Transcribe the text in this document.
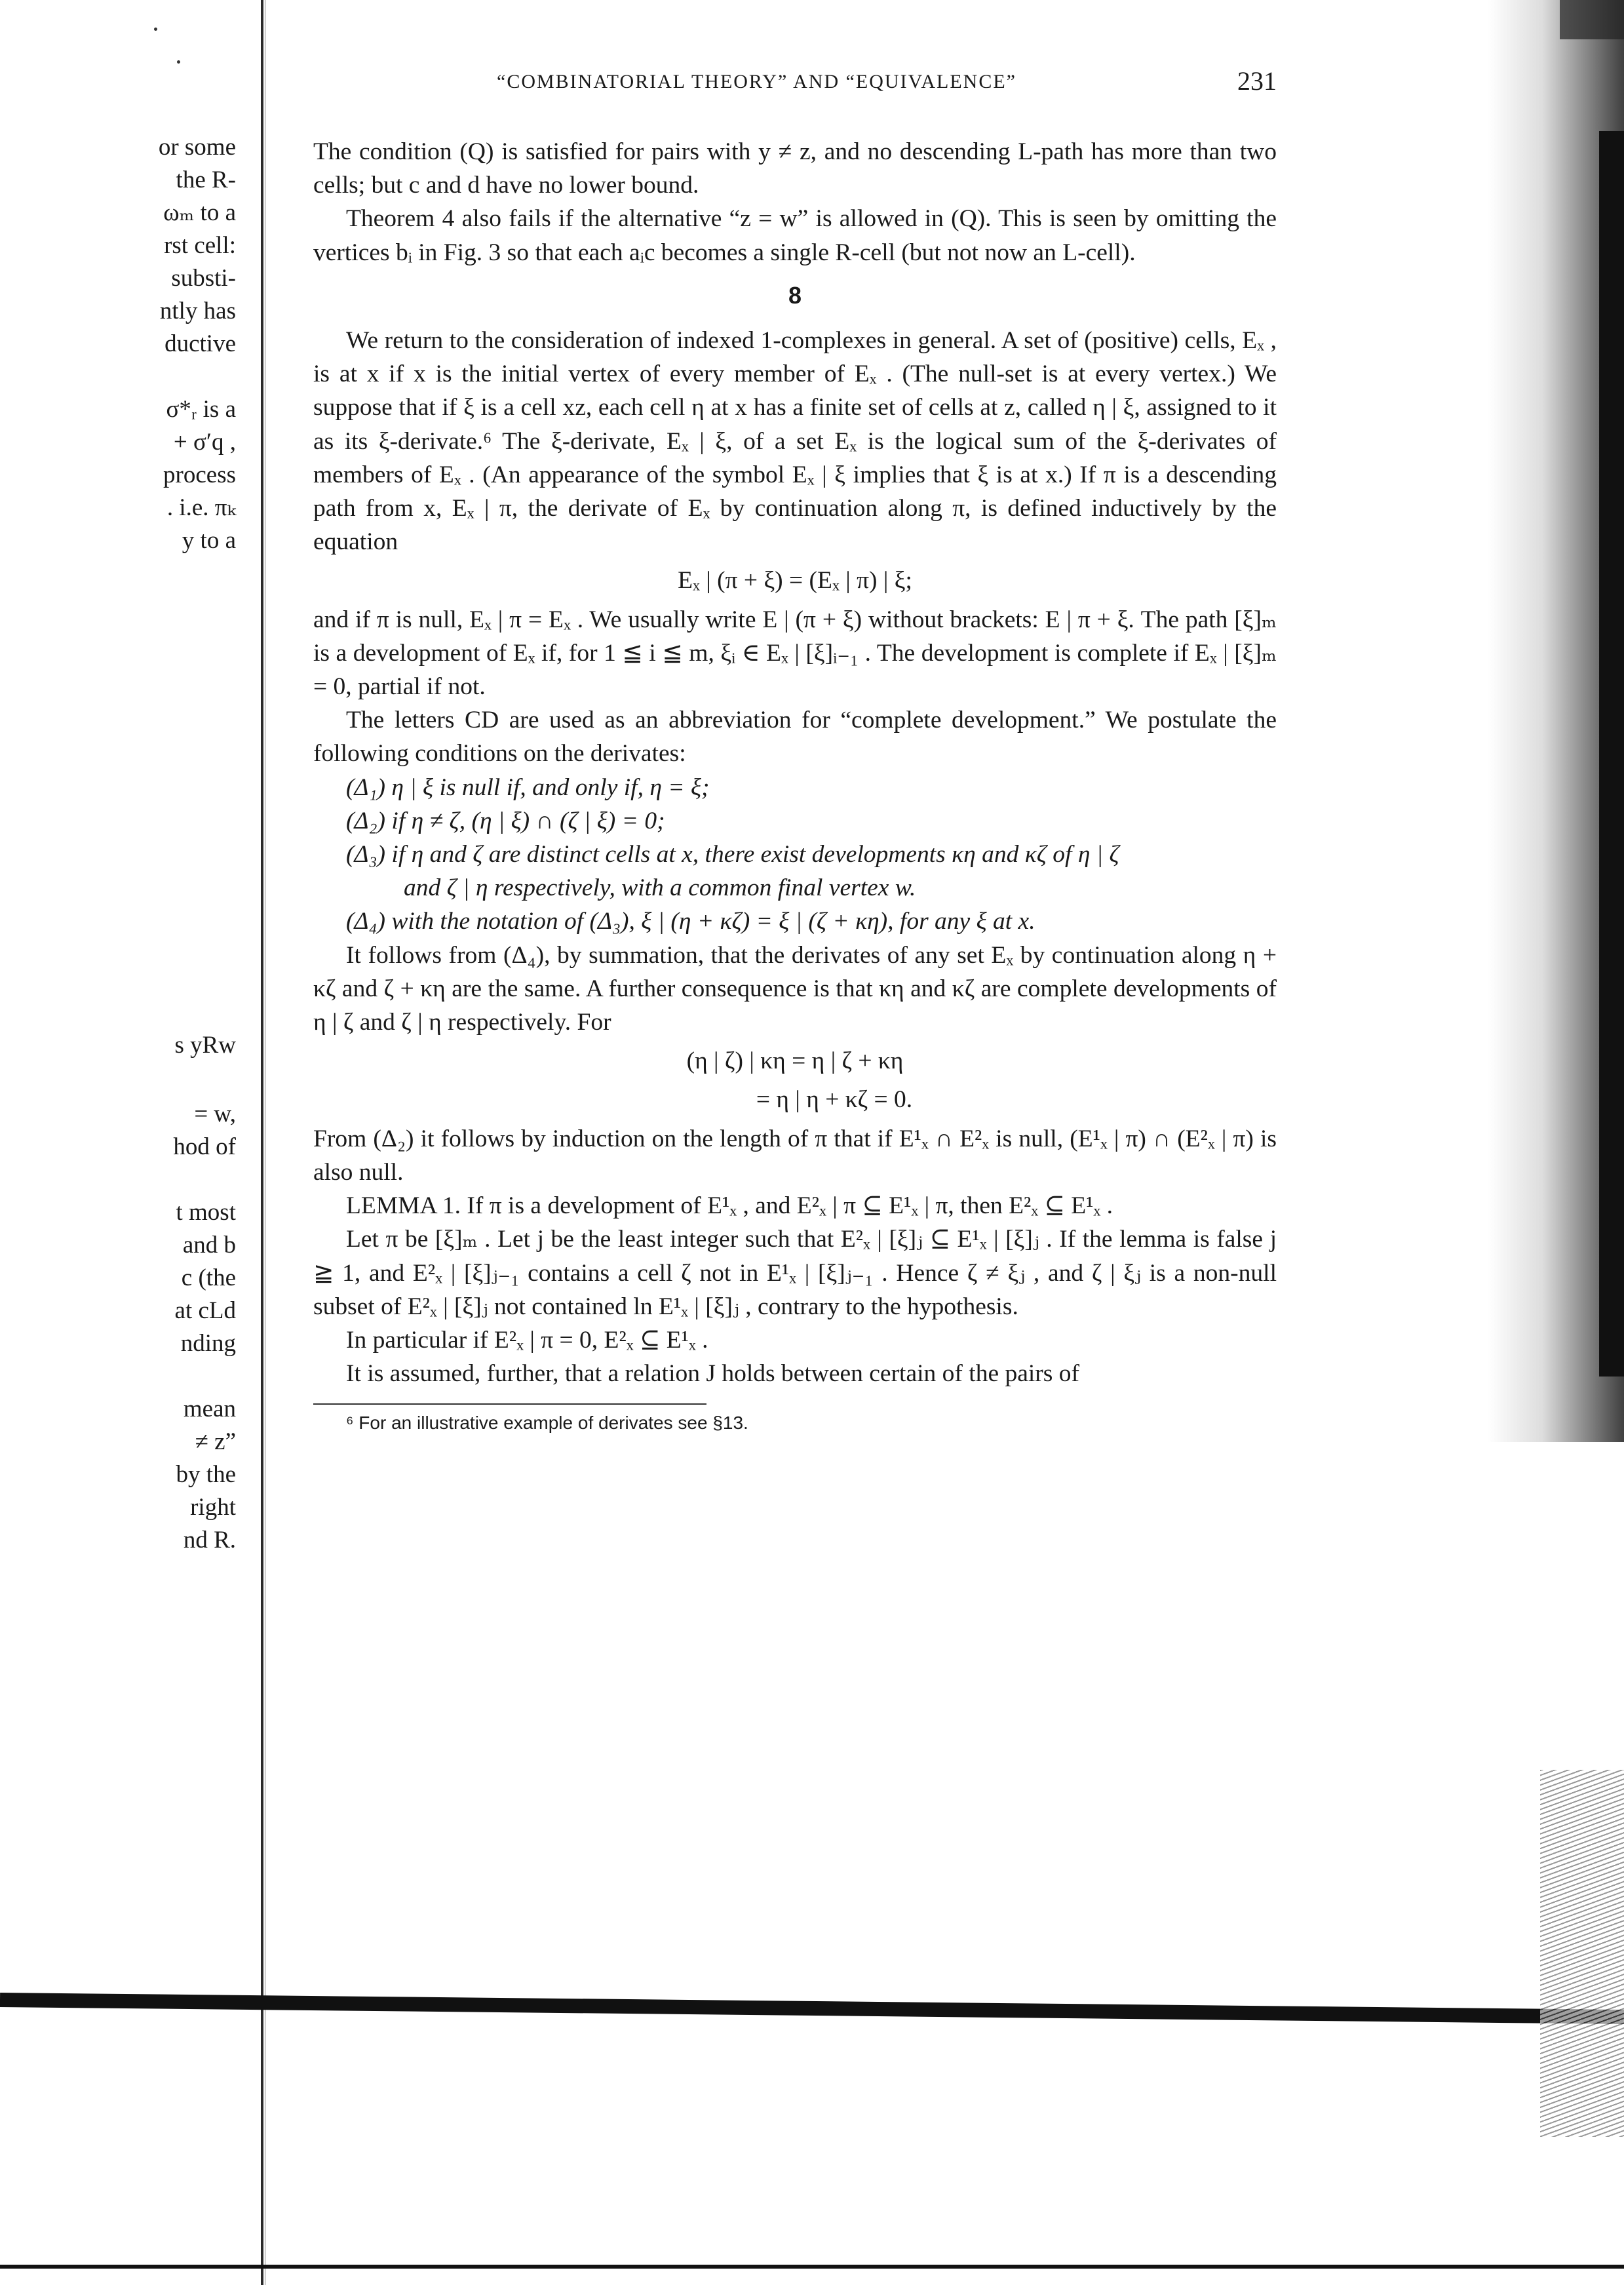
or some
the R-
ωₘ to a
rst cell:
substi-
ntly has
ductive
σ*ᵣ is a
+ σ′q ,
process
. i.e. πₖ
y to a
s yRw
= w,
hod of
t most
and b
c (the
at cLd
nding
mean
≠ z”
by the
right
nd R.
“COMBINATORIAL THEORY” AND “EQUIVALENCE”	231

The condition (Q) is satisfied for pairs with y ≠ z, and no descending L-path has more than two cells; but c and d have no lower bound.

Theorem 4 also fails if the alternative “z = w” is allowed in (Q). This is seen by omitting the vertices bᵢ in Fig. 3 so that each aᵢc becomes a single R-cell (but not now an L-cell).

8

We return to the consideration of indexed 1-complexes in general. A set of (positive) cells, Eₓ , is at x if x is the initial vertex of every member of Eₓ . (The null-set is at every vertex.) We suppose that if ξ is a cell xz, each cell η at x has a finite set of cells at z, called η | ξ, assigned to it as its ξ-derivate.⁶ The ξ-derivate, Eₓ | ξ, of a set Eₓ is the logical sum of the ξ-derivates of members of Eₓ . (An appearance of the symbol Eₓ | ξ implies that ξ is at x.) If π is a descending path from x, Eₓ | π, the derivate of Eₓ by continuation along π, is defined inductively by the equation

Eₓ | (π + ξ) = (Eₓ | π) | ξ;

and if π is null, Eₓ | π = Eₓ . We usually write E | (π + ξ) without brackets: E | π + ξ. The path [ξ]ₘ is a development of Eₓ if, for 1 ≦ i ≦ m, ξᵢ ∈ Eₓ | [ξ]ᵢ₋₁ . The development is complete if Eₓ | [ξ]ₘ = 0, partial if not.

The letters CD are used as an abbreviation for “complete development.” We postulate the following conditions on the derivates:

(Δ₁) η | ξ is null if, and only if, η = ξ;

(Δ₂) if η ≠ ζ, (η | ξ) ∩ (ζ | ξ) = 0;

(Δ₃) if η and ζ are distinct cells at x, there exist developments κη and κζ of η | ζ

and ζ | η respectively, with a common final vertex w.

(Δ₄) with the notation of (Δ₃), ξ | (η + κζ) = ξ | (ζ + κη), for any ξ at x.

It follows from (Δ₄), by summation, that the derivates of any set Eₓ by continuation along η + κζ and ζ + κη are the same. A further consequence is that κη and κζ are complete developments of η | ζ and ζ | η respectively. For

(η | ζ) | κη = η | ζ + κη
= η | η + κζ = 0.

From (Δ₂) it follows by induction on the length of π that if E¹ₓ ∩ E²ₓ is null, (E¹ₓ | π) ∩ (E²ₓ | π) is also null.

LEMMA 1. If π is a development of E¹ₓ , and E²ₓ | π ⊆ E¹ₓ | π, then E²ₓ ⊆ E¹ₓ .

Let π be [ξ]ₘ . Let j be the least integer such that E²ₓ | [ξ]ⱼ ⊆ E¹ₓ | [ξ]ⱼ . If the lemma is false j ≧ 1, and E²ₓ | [ξ]ⱼ₋₁ contains a cell ζ not in E¹ₓ | [ξ]ⱼ₋₁ . Hence ζ ≠ ξⱼ , and ζ | ξⱼ is a non-null subset of E²ₓ | [ξ]ⱼ not contained ln E¹ₓ | [ξ]ⱼ , contrary to the hypothesis.

In particular if E²ₓ | π = 0, E²ₓ ⊆ E¹ₓ .

It is assumed, further, that a relation J holds between certain of the pairs of

⁶ For an illustrative example of derivates see §13.
